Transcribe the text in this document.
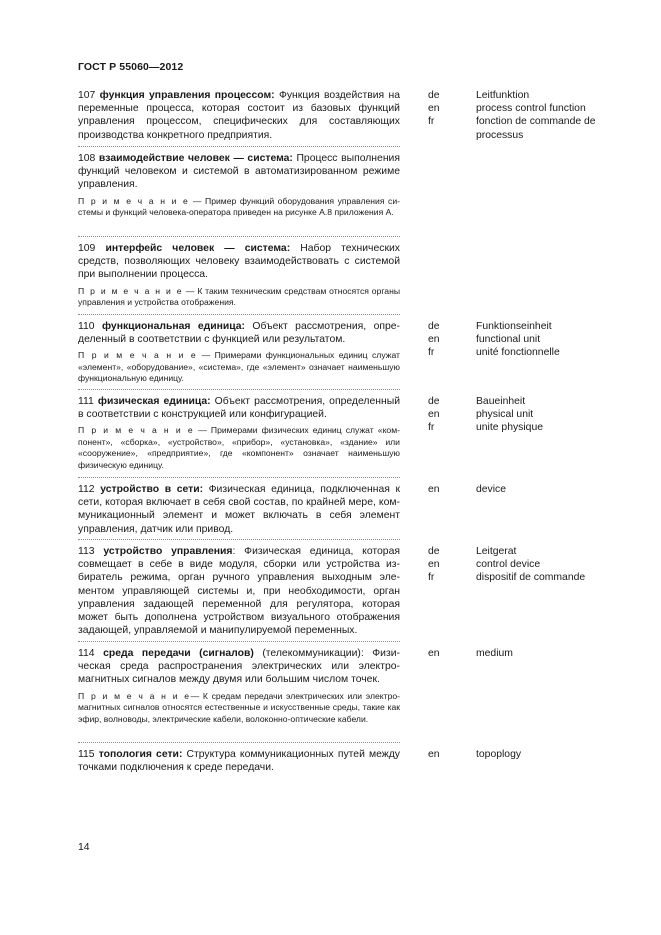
ГОСТ Р 55060—2012

107 функция управления процессом: Функция воздействия на переменные процесса, которая состоит из базовых функций управления процессом, специфических для составляющих производства конкретного предприятия.

de	Leitfunktion
en	process control function
fr	fonction de commande de processus

108 взаимодействие человек — система: Процесс выполнения функций человеком и системой в автоматизированном режиме управления.

П р и м е ч а н и е — Пример функций оборудования управления системы и функций человека-оператора приведен на рисунке А.8 приложения А.

109 интерфейс человек — система: Набор технических средств, позволяющих человеку взаимодействовать с системой при выполнении процесса.

П р и м е ч а н и е — К таким техническим средствам относятся органы управления и устройства отображения.

110 функциональная единица: Объект рассмотрения, определенный в соответствии с функцией или результатом.

П р и м е ч а н и е — Примерами функциональных единиц служат «элемент», «оборудование», «система», где «элемент» означает наименьшую функциональную единицу.

de	Funktionseinheit
en	functional unit
fr	unité fonctionnelle

111 физическая единица: Объект рассмотрения, определенный в соответствии с конструкцией или конфигурацией.

П р и м е ч а н и е — Примерами физических единиц служат «компонент», «сборка», «устройство», «прибор», «установка», «здание» или «сооружение», «предприятие», где «компонент» означает наименьшую физическую единицу.

de	Baueinheit
en	physical unit
fr	unite physique

112 устройство в сети: Физическая единица, подключенная к сети, которая включает в себя свой состав, по крайней мере, коммуникационный элемент и может включать в себя элемент управления, датчик или привод.

en	device

113 устройство управления: Физическая единица, которая совмещает в себе в виде модуля, сборки или устройства избиратель режима, орган ручного управления выходным элементом управляющей системы и, при необходимости, орган управления задающей переменной для регулятора, которая может быть дополнена устройством визуального отображения задающей, управляемой и манипулируемой переменных.

de	Leitgerat
en	control device
fr	dispositif de commande

114 среда передачи (сигналов) (телекоммуникации): Физическая среда распространения электрических или электромагнитных сигналов между двумя или большим числом точек.

П р и м е ч а н и е— К средам передачи электрических или электромагнитных сигналов относятся естественные и искусственные среды, такие как эфир, волноводы, электрические кабели, волоконно-оптические кабели.

en	medium

115 топология сети: Структура коммуникационных путей между точками подключения к среде передачи.

en	topoplogy
14
